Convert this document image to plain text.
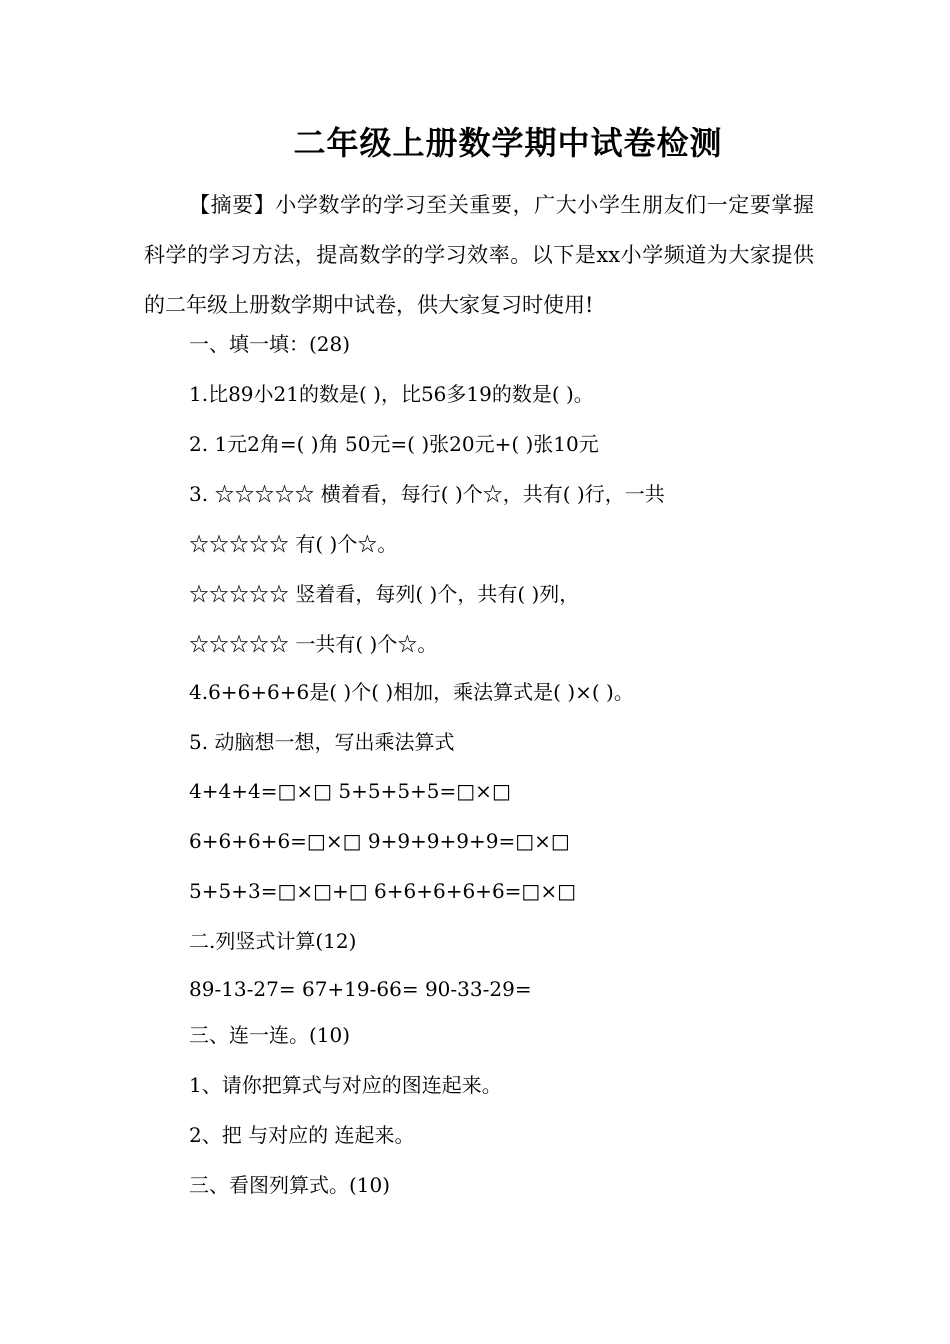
二年级上册数学期中试卷检测
【摘要】小学数学的学习至关重要，广大小学生朋友们一定要掌握科学的学习方法，提高数学的学习效率。以下是xx小学频道为大家提供的二年级上册数学期中试卷，供大家复习时使用!
一、填一填：(28)
1.比89小21的数是( )，比56多19的数是( )。
2. 1元2角=( )角 50元=( )张20元+( )张10元
3. ☆☆☆☆☆ 横着看，每行( )个☆，共有( )行，一共
☆☆☆☆☆ 有( )个☆。
☆☆☆☆☆ 竖着看，每列( )个，共有( )列，
☆☆☆☆☆ 一共有( )个☆。
4.6+6+6+6是( )个( )相加，乘法算式是( )×( )。
5. 动脑想一想，写出乘法算式
4+4+4=□×□ 5+5+5+5=□×□
6+6+6+6=□×□ 9+9+9+9+9=□×□
5+5+3=□×□+□ 6+6+6+6+6=□×□
二.列竖式计算(12)
89-13-27= 67+19-66= 90-33-29=
三、连一连。(10)
1、请你把算式与对应的图连起来。
2、把 与对应的 连起来。
三、看图列算式。(10)
